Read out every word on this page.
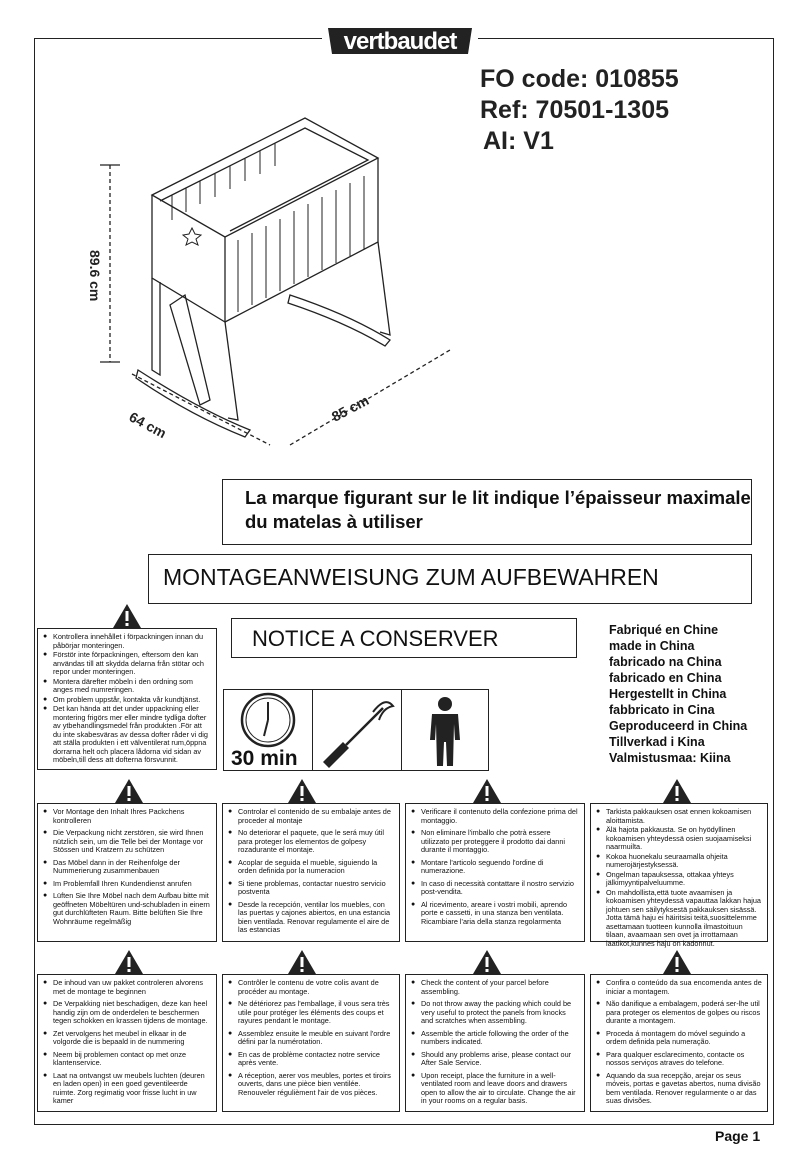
vertbaudet
FO code: 010855
Ref: 70501-1305
AI: V1
89.6 cm
64 cm
85 cm
La marque figurant sur le lit indique l’épaisseur maximale du matelas à utiliser
MONTAGEANWEISUNG ZUM AUFBEWAHREN
NOTICE A CONSERVER	Fabriqué en Chine
made in China
fabricado na China
fabricado en China
Hergestellt in China
fabbricato in Cina
Geproduceerd in China
Tillverkad i Kina
Valmistusmaa: Kiina
30 min
● Kontrollera innehållet i förpackningen innan du påbörjar monteringen.
● Förstör inte förpackningen, eftersom den kan användas till att skydda delarna från stötar och repor under monteringen.
● Montera därefter möbeln i den ordning som anges med numreringen.
● Om problem uppstår, kontakta vår kundtjänst.
● Det kan hända att det under uppackning eller montering frigörs mer eller mindre tydliga dofter av ytbehandlingsmedel från produkten .För att du inte skabesväras av dessa dofter råder vi dig att ställa produkten i ett välventilerat rum,öppna dorrarna helt och placera lådorna vid sidan av möbeln,till dess att dofterna försvunnit.
● Vor Montage den Inhalt Ihres Packchens kontrolleren
● Die Verpackung nicht zerstören, sie wird Ihnen nützlich sein, um die Telle bei der Montage vor Stössen und Kratzern zu schützen
● Das Möbel dann in der Reihenfolge der Nummerierung zusammenbauen
● Im Problemfall Ihren Kundendienst anrufen
● Lüften Sie Ihre Möbel nach dem Aufbau bitte mit geöffneten Möbeltüren und-schubladen in einern gut durchlüfteten Raum. Bitte belüften Sie Ihre Wohnräume regelmäßig
● Controlar el contenido de su embalaje antes de proceder al montaje
● No deteriorar el paquete, que le será muy útil para proteger los elementos de golpesy rozadurante el montaje.
● Acoplar de seguida el mueble, siguiendo la orden definida por la numeracion
● Si tiene problemas, contactar nuestro servicio postventa
● Desde la recepción, ventilar los muebles, con las puertas y cajones abiertos, en una estancia bien ventilada. Renovar regulamente el aire de las estancias
● Verificare il contenuto della confezione prima del montaggio.
● Non eliminare l'imballo che potrà essere utilizzato per proteggere il prodotto dai danni durante il montaggio.
● Montare l'articolo seguendo l'ordine di numerazione.
● In caso di necessità contattare il nostro servizio post-vendita.
● Al ricevimento, areare i vostri mobili, aprendo porte e cassetti, in una stanza ben ventilata. Ricambiare l'aria della stanza regolarmenta
● Tarkista pakkauksen osat ennen kokoamisen aloittamista.
● Älä hajota pakkausta. Se on hyödyllinen kokoamisen yhteydessä osien suojaamiseksi naarmuilta.
● Kokoa huonekalu seuraamalla ohjeita numerojärjestyksessä.
● Ongelman tapauksessa, ottakaa yhteys jälkimyyntipalveluumme.
● On mahdollista,että tuote avaamisen ja kokoamisen yhteydessä vapauttaa lakkan hajua johtuen sen säilytyksestä pakkauksen sisässä. Jotta tämä haju ei häiritsisi teitä,suosittelemme asettamaan tuotteen kunnolla ilmastoituun tilaan, avaamaan sen ovet ja irrottamaan laatikot,kunnes haju on kadonnut.
● De inhoud van uw pakket controleren alvorens met de montage te beginnen
● De Verpakking niet beschadigen, deze kan heel handig zijn om de onderdelen te beschermen tegen schokken en krassen tijdens de montage.
● Zet vervolgens het meubel in elkaar in de volgorde die is bepaald in de nummering
● Neem bij problemen contact op met onze klantenservice.
● Laat na ontvangst uw meubels luchten (deuren en laden open) in een goed geventileerde ruimte. Zorg regimatig voor frisse lucht in uw kamer
● Contrôler le contenu de votre colis avant de procéder au montage.
● Ne détériorez pas l'emballage, il vous sera très utile pour protéger les éléments des coups et rayures pendant le montage.
● Assemblez ensuite le meuble en suivant l'ordre défini par la numérotation.
● En cas de problème contactez notre service après vente.
● A réception, aerer vos meubles, portes et tiroirs ouverts, dans une pièce bien ventilée. Renouveler régulièment l'air de vos pièces.
● Check the content of your parcel before assembling.
● Do not throw away the packing which could be very useful to protect the panels from knocks and scratches when assembling.
● Assemble the article following the order of the numbers indicated.
● Should any problems arise, please contact our After Sale Service.
● Upon receipt, place the furniture in a well-ventilated room and leave doors and drawers open to allow the air to circulate. Change the air in your rooms on a regular basis.
● Confira o conteúdo da sua encomenda antes de iniciar a montagem.
● Não danifique a embalagem, poderá ser-lhe util para proteger os elementos de golpes ou riscos durante a montagem.
● Proceda á montagem do móvel seguindo a ordem definida pela numeração.
● Para qualquer esclarecimento, contacte os nossos serviços atraves do telefone.
● Aquando da sua recepção, arejar os seus móveis, portas e gavetas abertos, numa divisão bem ventilada. Renover regularmente o ar das suas divisões.
Page 1
